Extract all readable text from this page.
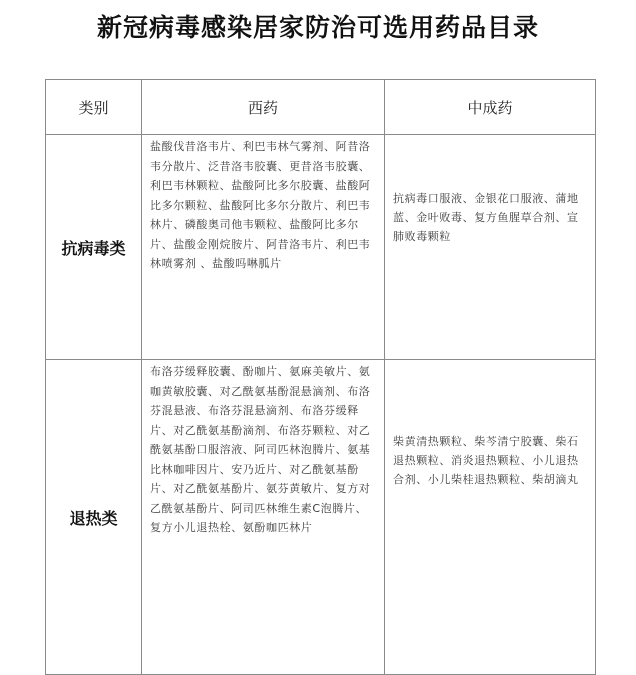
新冠病毒感染居家防治可选用药品目录
类别	西药	中成药
抗病毒类	盐酸伐昔洛韦片、利巴韦林气雾剂、阿昔洛韦分散片、泛昔洛韦胶囊、更昔洛韦胶囊、利巴韦林颗粒、盐酸阿比多尔胶囊、盐酸阿比多尔颗粒、盐酸阿比多尔分散片、利巴韦林片、磷酸奥司他韦颗粒、盐酸阿比多尔片、盐酸金刚烷胺片、阿昔洛韦片、利巴韦林喷雾剂 、盐酸吗啉胍片	抗病毒口服液、金银花口服液、蒲地蓝、金叶败毒、复方鱼腥草合剂、宣肺败毒颗粒
退热类	布洛芬缓释胶囊、酚咖片、氨麻美敏片、氨咖黄敏胶囊、对乙酰氨基酚混悬滴剂、布洛芬混悬液、布洛芬混悬滴剂、布洛芬缓释片、对乙酰氨基酚滴剂、布洛芬颗粒、对乙酰氨基酚口服溶液、阿司匹林泡腾片、氨基比林咖啡因片、安乃近片、对乙酰氨基酚片、对乙酰氨基酚片、氨芬黄敏片、复方对乙酰氨基酚片、阿司匹林维生素C泡腾片、复方小儿退热栓、氨酚咖匹林片	柴黄清热颗粒、柴芩清宁胶囊、柴石退热颗粒、消炎退热颗粒、小儿退热合剂、小儿柴桂退热颗粒、柴胡滴丸
